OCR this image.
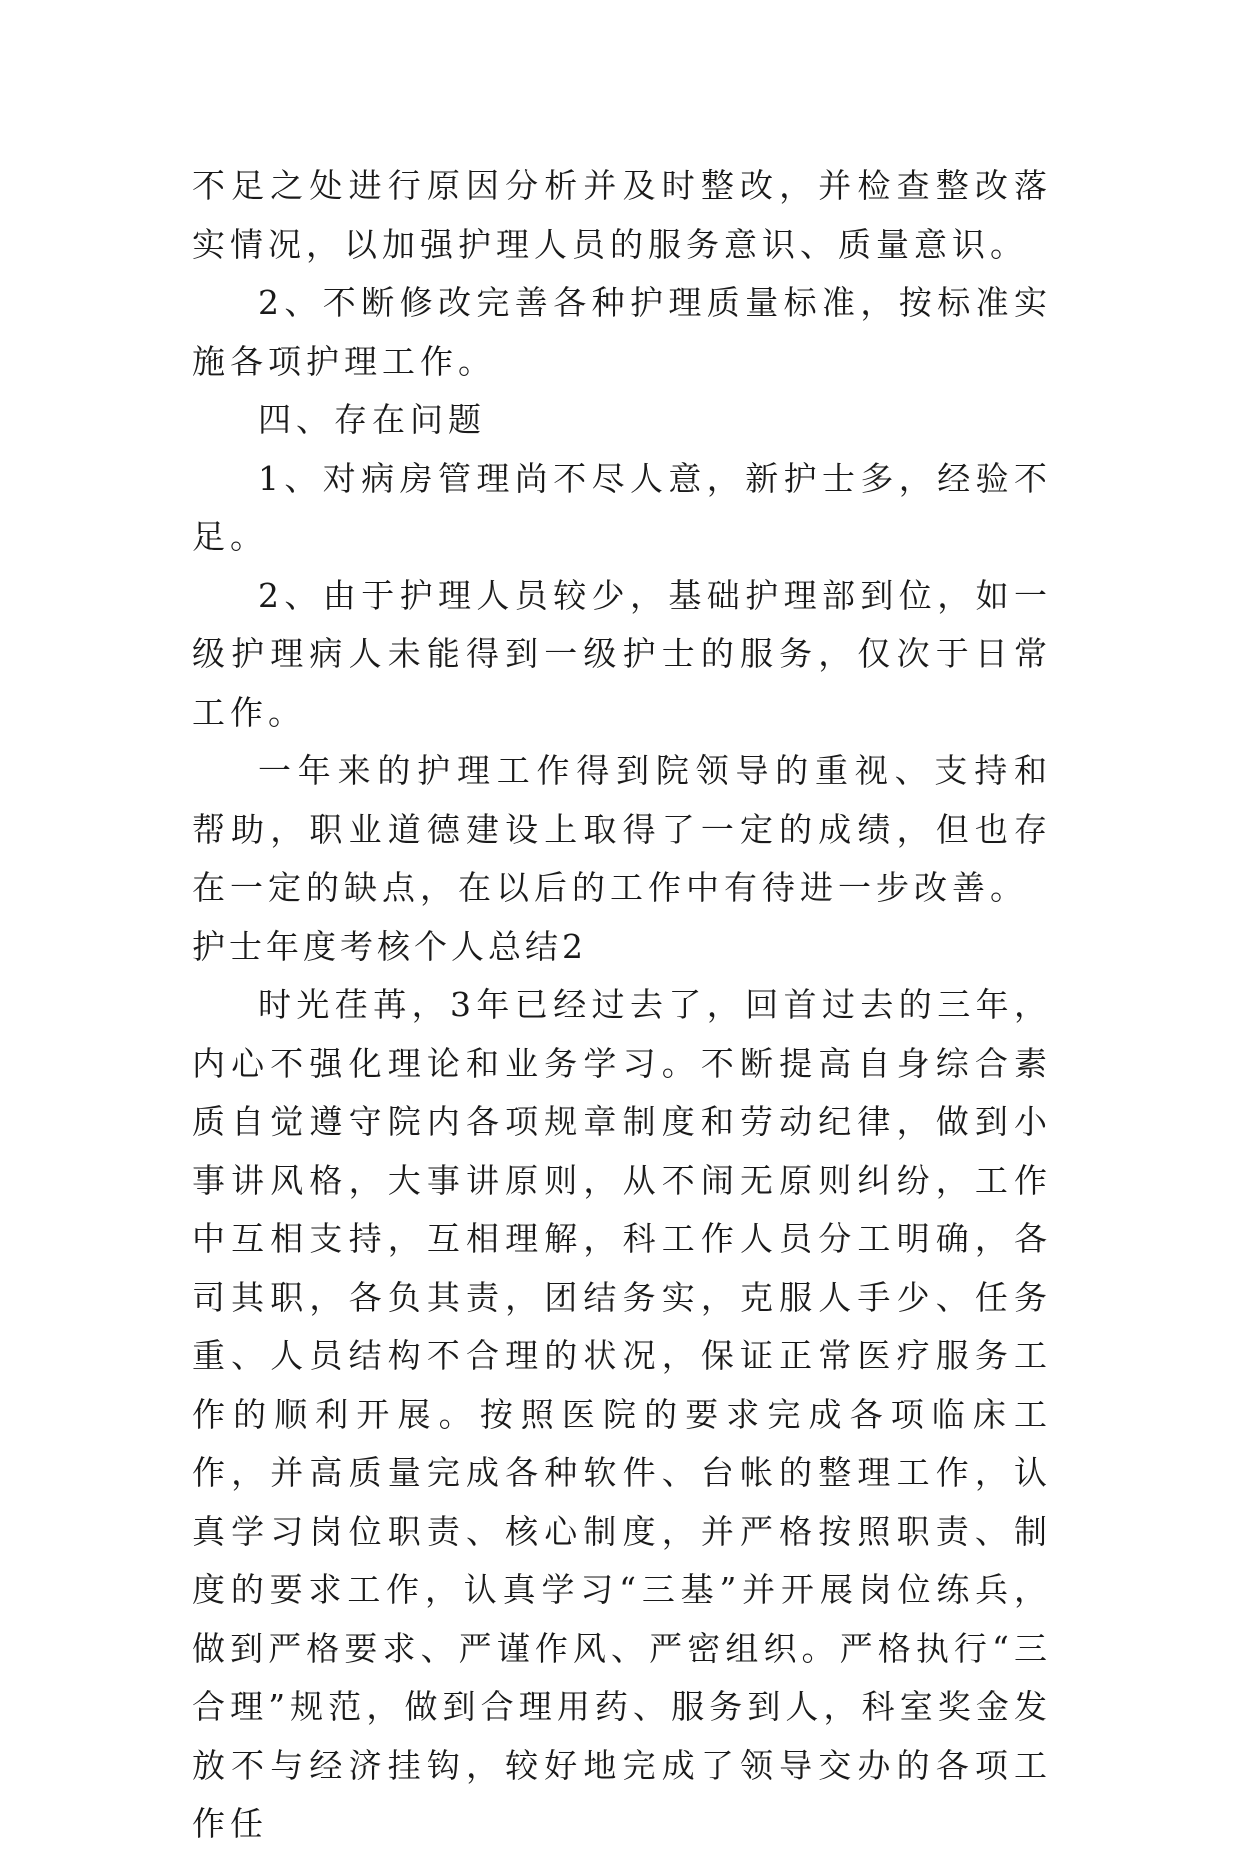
不足之处进行原因分析并及时整改，并检查整改落实情况，以加强护理人员的服务意识、质量意识。

2、不断修改完善各种护理质量标准，按标准实施各项护理工作。

四、存在问题

1、对病房管理尚不尽人意，新护士多，经验不足。

2、由于护理人员较少，基础护理部到位，如一级护理病人未能得到一级护士的服务，仅次于日常工作。

一年来的护理工作得到院领导的重视、支持和帮助，职业道德建设上取得了一定的成绩，但也存在一定的缺点，在以后的工作中有待进一步改善。

护士年度考核个人总结2

时光荏苒，3年已经过去了，回首过去的三年，内心不强化理论和业务学习。不断提高自身综合素质自觉遵守院内各项规章制度和劳动纪律，做到小事讲风格，大事讲原则，从不闹无原则纠纷，工作中互相支持，互相理解，科工作人员分工明确，各司其职，各负其责，团结务实，克服人手少、任务重、人员结构不合理的状况，保证正常医疗服务工作的顺利开展。按照医院的要求完成各项临床工作，并高质量完成各种软件、台帐的整理工作，认真学习岗位职责、核心制度，并严格按照职责、制度的要求工作，认真学习“三基”并开展岗位练兵，做到严格要求、严谨作风、严密组织。严格执行“三合理”规范，做到合理用药、服务到人，科室奖金发放不与经济挂钩，较好地完成了领导交办的各项工作任
